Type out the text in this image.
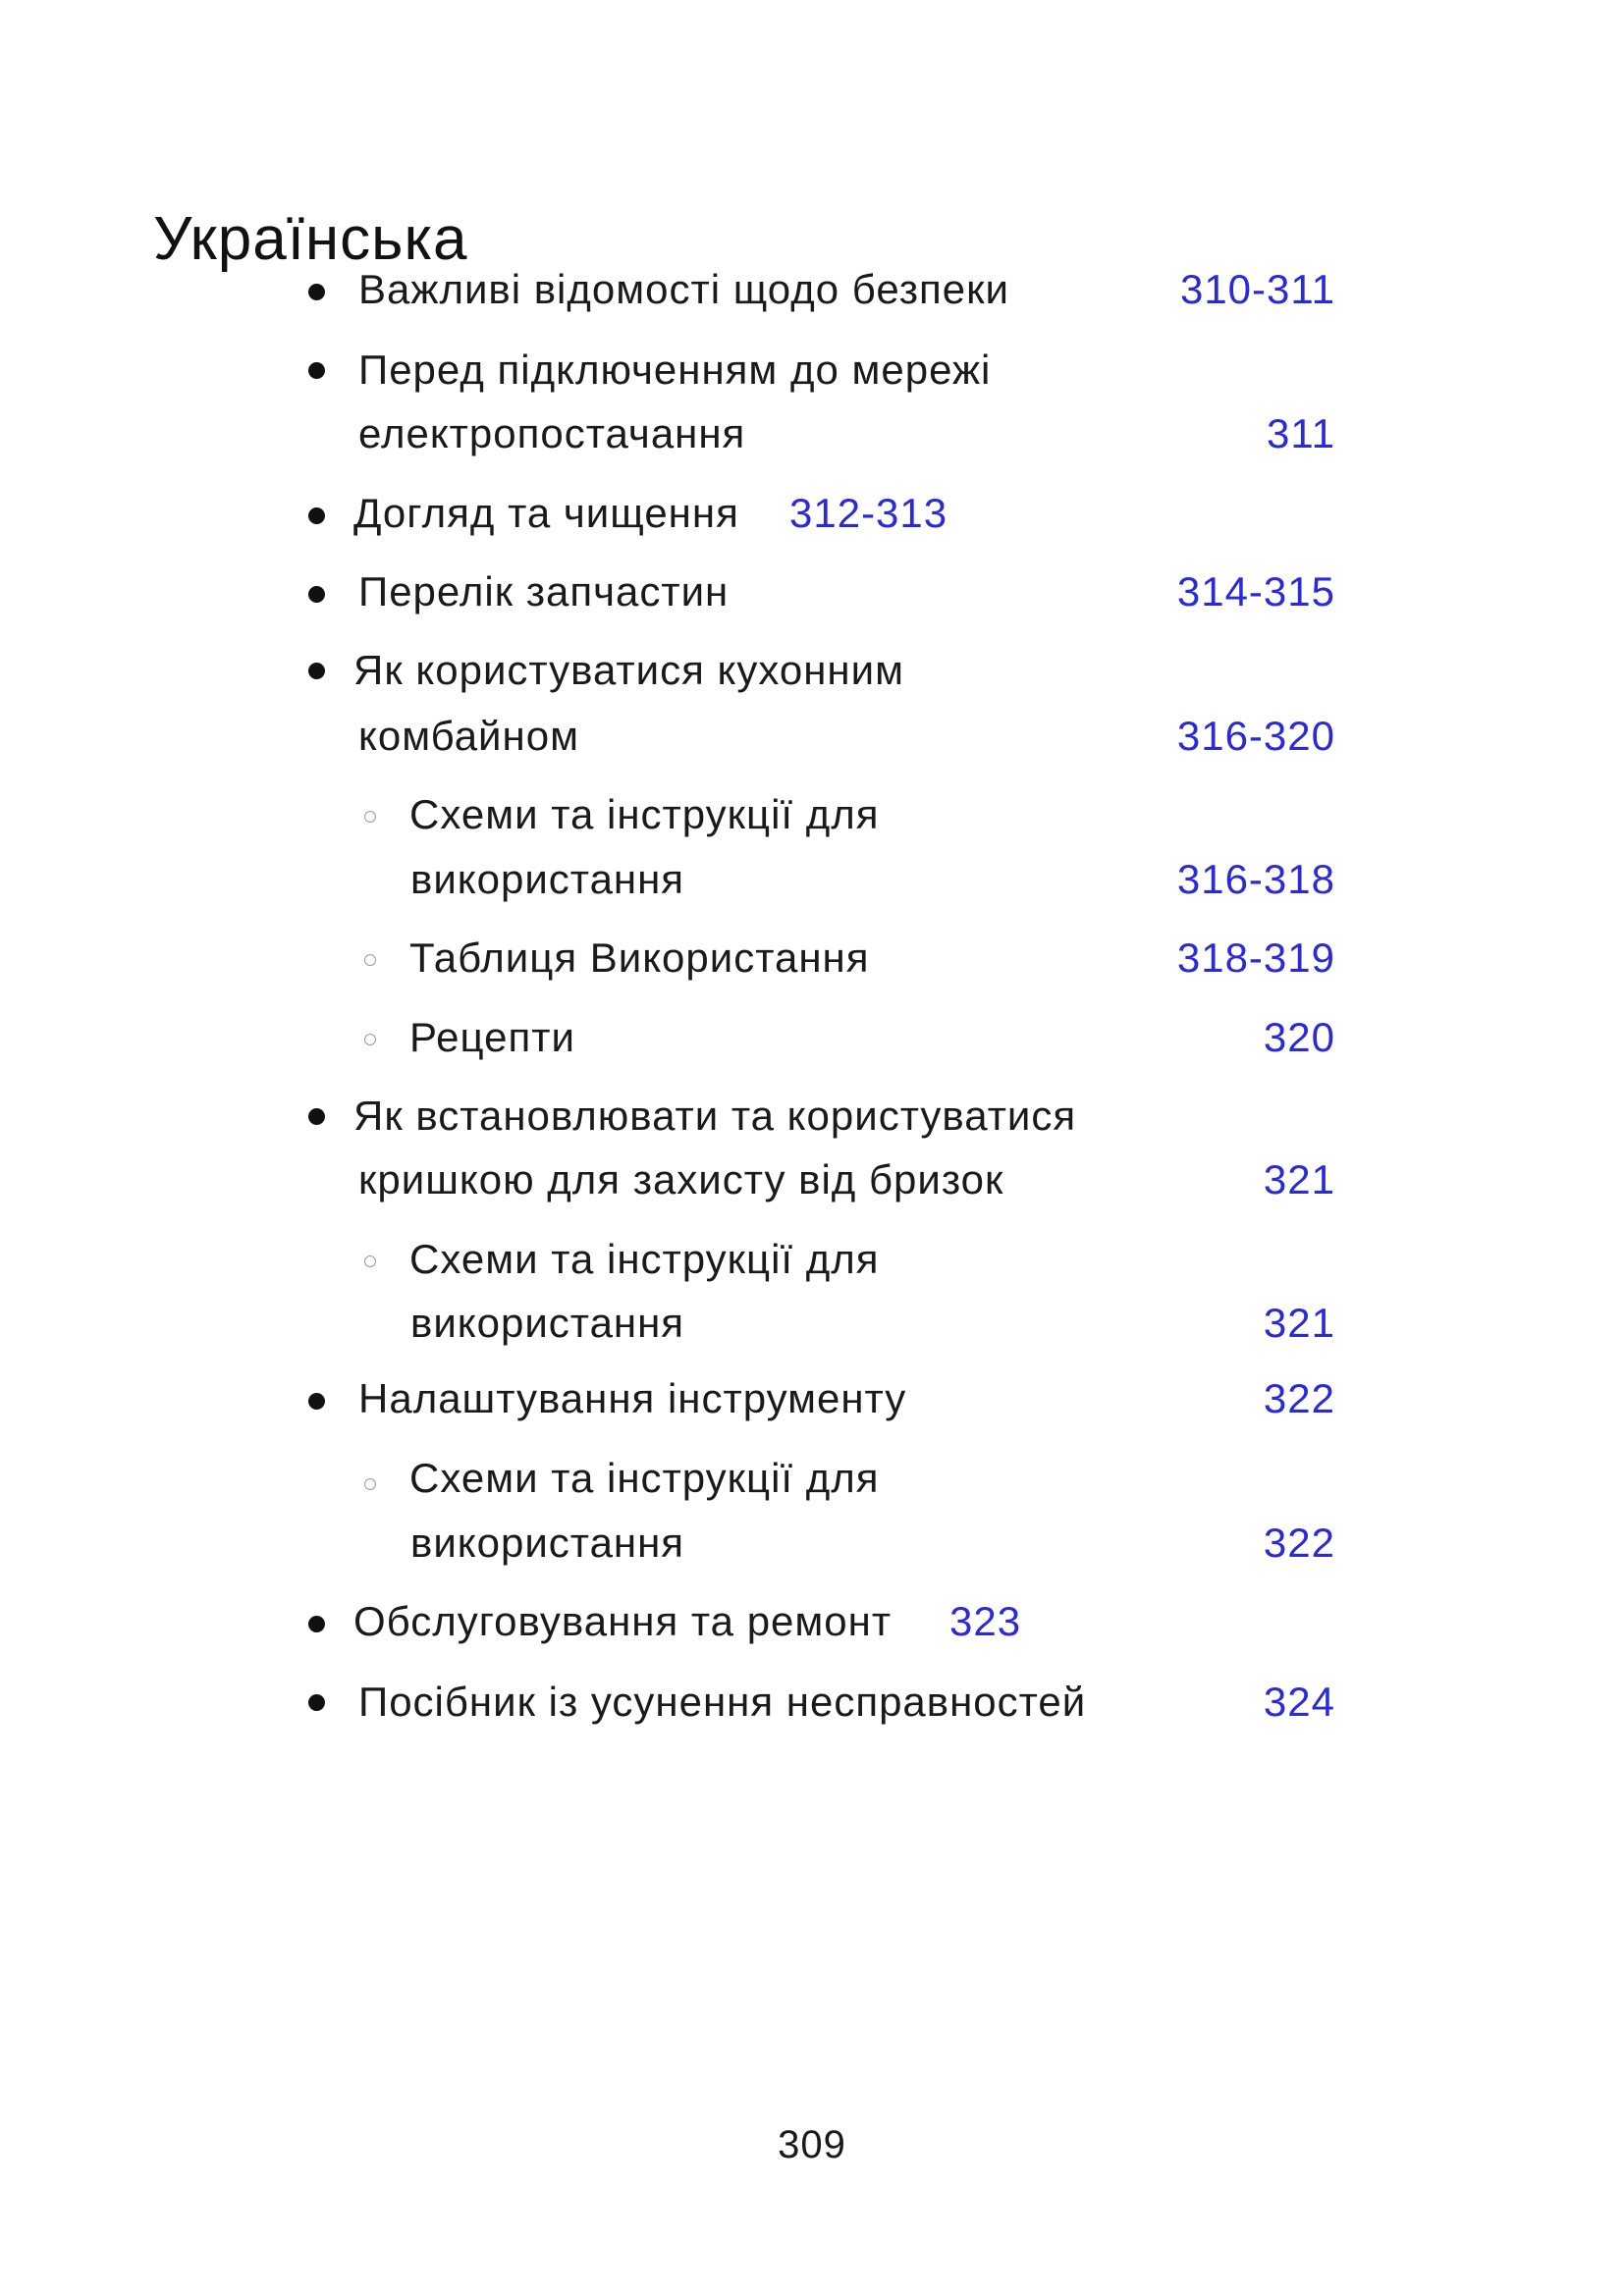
Українська
Важливі відомості щодо безпеки	310-311
Перед підключенням до мережі
електропостачання	311
Догляд та чищення 312-313
Перелік запчастин	314-315
Як користуватися кухонним
комбайном	316-320
Схеми та інструкції для
використання	316-318
Таблиця Використання	318-319
Рецепти	320
Як встановлювати та користуватися
кришкою для захисту від бризок	321
Схеми та інструкції для
використання	321
Налаштування інструменту	322
Схеми та інструкції для
використання	322
Обслуговування та ремонт 323
Посібник із усунення несправностей	324
309
